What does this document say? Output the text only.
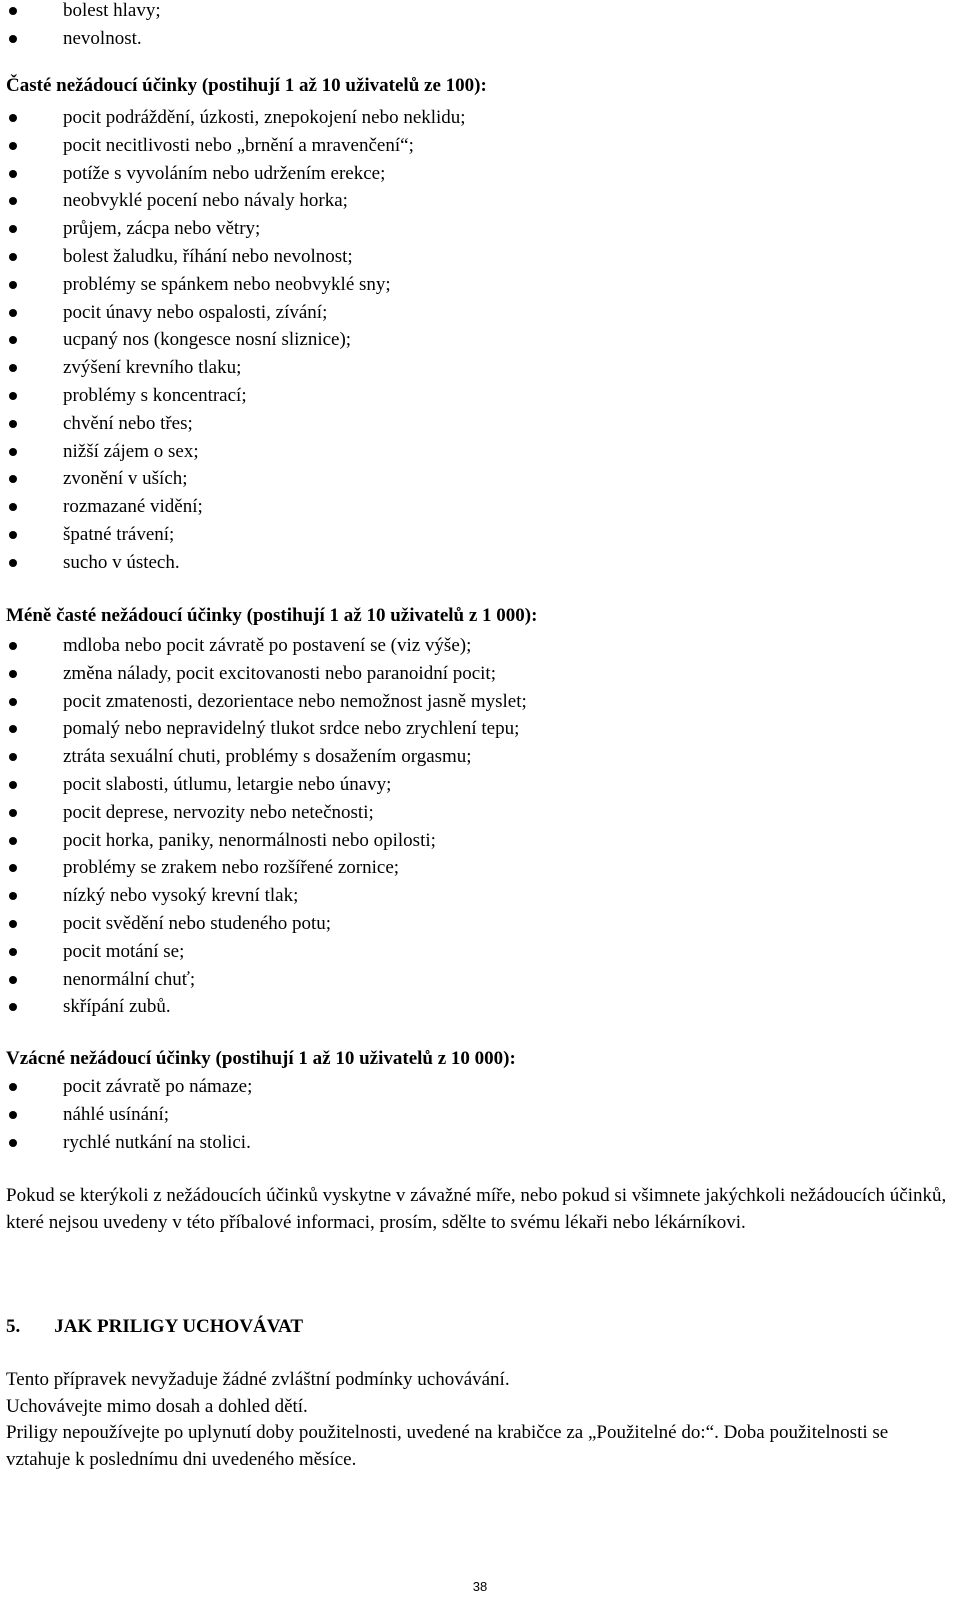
bolest hlavy;
nevolnost.
Časté nežádoucí účinky (postihují 1 až 10 uživatelů ze 100):
pocit podráždění, úzkosti, znepokojení nebo neklidu;
pocit necitlivosti nebo „brnění a mravenčení“;
potíže s vyvoláním nebo udržením erekce;
neobvyklé pocení nebo návaly horka;
průjem, zácpa nebo větry;
bolest žaludku, říhání nebo nevolnost;
problémy se spánkem nebo neobvyklé sny;
pocit únavy nebo ospalosti, zívání;
ucpaný nos (kongesce nosní sliznice);
zvýšení krevního tlaku;
problémy s koncentrací;
chvění nebo třes;
nižší zájem o sex;
zvonění v uších;
rozmazané vidění;
špatné trávení;
sucho v ústech.
Méně časté nežádoucí účinky (postihují 1 až 10 uživatelů z 1 000):
mdloba nebo pocit závratě po postavení se (viz výše);
změna nálady, pocit excitovanosti nebo paranoidní pocit;
pocit zmatenosti, dezorientace nebo nemožnost jasně myslet;
pomalý nebo nepravidelný tlukot srdce nebo zrychlení tepu;
ztráta sexuální chuti, problémy s dosažením orgasmu;
pocit slabosti, útlumu, letargie nebo únavy;
pocit deprese, nervozity nebo netečnosti;
pocit horka, paniky, nenormálnosti nebo opilosti;
problémy se zrakem nebo rozšířené zornice;
nízký nebo vysoký krevní tlak;
pocit svědění nebo studeného potu;
pocit motání se;
nenormální chuť;
skřípání zubů.
Vzácné nežádoucí účinky (postihují 1 až 10 uživatelů z 10 000):
pocit závratě po námaze;
náhlé usínání;
rychlé nutkání na stolici.

Pokud se kterýkoli z nežádoucích účinků vyskytne v závažné míře, nebo pokud si všimnete jakýchkoli nežádoucích účinků, které nejsou uvedeny v této příbalové informaci, prosím, sdělte to svému lékaři nebo lékárníkovi.

5. JAK PRILIGY UCHOVÁVAT

Tento přípravek nevyžaduje žádné zvláštní podmínky uchovávání.

Uchovávejte mimo dosah a dohled dětí.

Priligy nepoužívejte po uplynutí doby použitelnosti, uvedené na krabičce za „Použitelné do:“. Doba použitelnosti se vztahuje k poslednímu dni uvedeného měsíce.

38
